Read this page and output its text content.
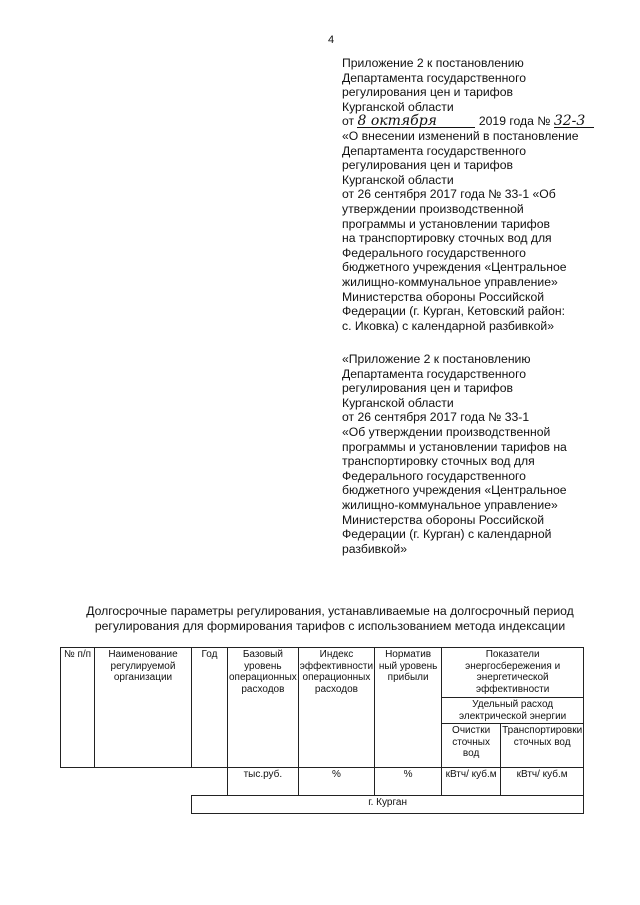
4
Приложение 2 к постановлению
Департамента государственного
регулирования цен и тарифов
Курганской области
от 8 октября	2019 года № 32-3
«О внесении изменений в постановление
Департамента государственного
регулирования цен и тарифов
Курганской области
от 26 сентября 2017 года № 33-1 «Об
утверждении производственной
программы и установлении тарифов
на транспортировку сточных вод для
Федерального государственного
бюджетного учреждения «Центральное
жилищно-коммунальное управление»
Министерства обороны Российской
Федерации (г. Курган, Кетовский район:
с. Иковка) с календарной разбивкой»
«Приложение 2 к постановлению
Департамента государственного
регулирования цен и тарифов
Курганской области
от 26 сентября 2017 года № 33-1
«Об утверждении производственной
программы и установлении тарифов на
транспортировку сточных вод для
Федерального государственного
бюджетного учреждения «Центральное
жилищно-коммунальное управление»
Министерства обороны Российской
Федерации (г. Курган) с календарной
разбивкой»
Долгосрочные параметры регулирования, устанавливаемые на долгосрочный период
регулирования для формирования тарифов с использованием метода индексации
№ п/п	Наименование регулируемой организации	Год	Базовый уровень операционных расходов	Индекс эффективности операционных расходов	Норматив ный уровень прибыли	Показатели энергосбережения и энергетической эффективности	
						Удельный расход электрической энергии	
						Очистки сточных вод	Транспортировки сточных вод
			тыс.руб.	%	%	кВтч/ куб.м	кВтч/ куб.м
		г. Курган					
